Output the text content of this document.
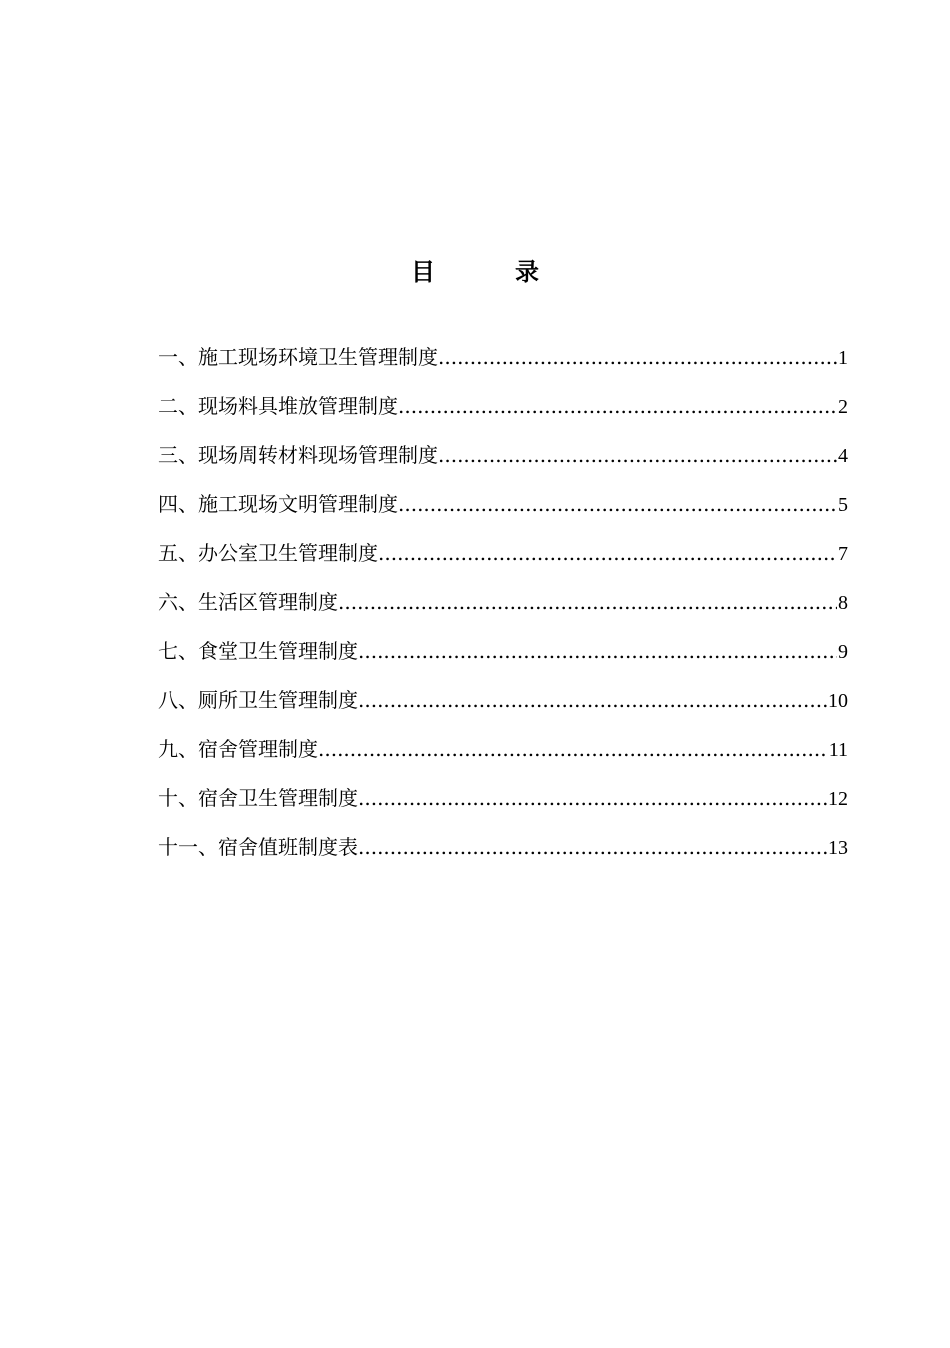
目　录
一、施工现场环境卫生管理制度 .....	1
二、现场料具堆放管理制度 .....	2
三、现场周转材料现场管理制度 .....	4
四、施工现场文明管理制度 .....	5
五、办公室卫生管理制度 .....	7
六、生活区管理制度 .....	8
七、食堂卫生管理制度 .....	9
八、厕所卫生管理制度 .....	10
九、宿舍管理制度 .....	11
十、宿舍卫生管理制度 .....	12
十一、宿舍值班制度表 .....	13
